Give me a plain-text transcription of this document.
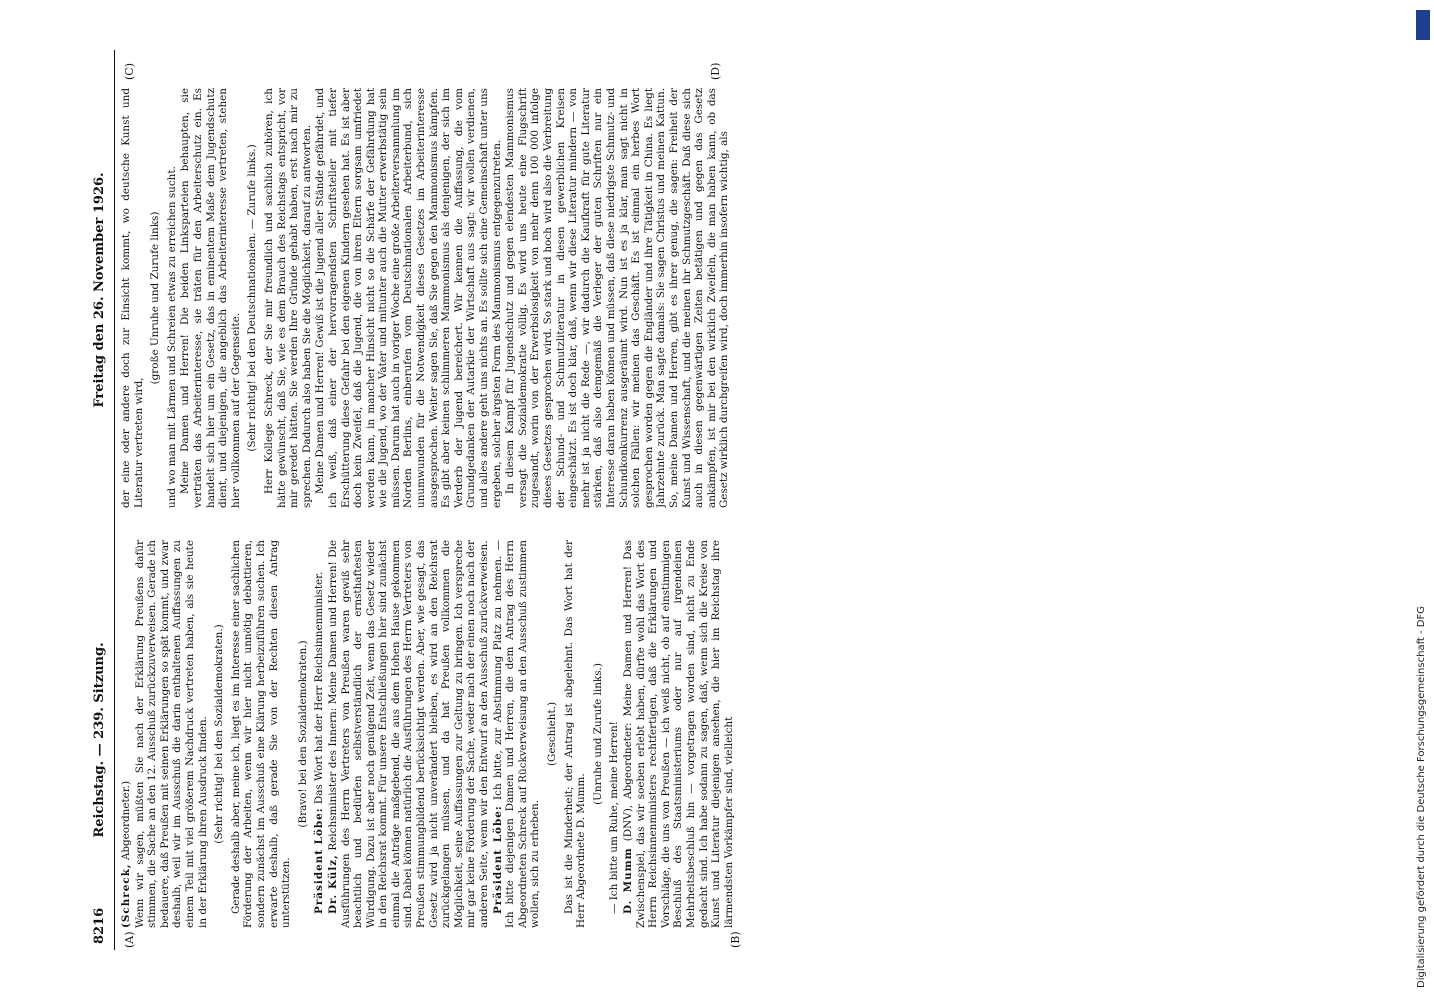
8216
Reichstag. — 239. Sitzung.
Freitag den 26. November 1926.
(A)	(B)
(C)	(D)

(Schreck, Abgeordneter.) Wenn wir sagen, müßten Sie nach der Erklärung Preußens dafür stimmen, die Sache an den 12. Ausschuß zurückzuverweisen. Gerade ich bedauere, daß Preußen mit seinen Erklärungen so spät kommt, und zwar deshalb, weil wir im Ausschuß die darin enthaltenen Auffassungen zu einem Teil mit viel größerem Nachdruck vertreten haben, als sie heute in der Erklärung ihren Ausdruck finden. (Sehr richtig! bei den Sozialdemokraten.) Gerade deshalb aber, meine ich, liegt es im Interesse einer sachlichen Förderung der Arbeiten, wenn wir hier nicht unnötig debattieren, sondern zunächst im Ausschuß eine Klärung herbeizuführen suchen. Ich erwarte deshalb, daß gerade Sie von der Rechten diesen Antrag unterstützen.

(Bravo! bei den Sozialdemokraten.)

Präsident Löbe: Das Wort hat der Herr Reichsinnenminister.

Dr. Külz, Reichsminister des Innern: Meine Damen und Herren! Die Ausführungen des Herrn Vertreters von Preußen waren gewiß sehr beachtlich und bedürfen selbstverständlich der ernsthaftesten Würdigung. Dazu ist aber noch genügend Zeit, wenn das Gesetz wieder in den Reichsrat kommt. Für unsere Entschließungen hier sind zunächst einmal die Anträge maßgebend, die aus dem Hohen Hause gekommen sind. Dabei können natürlich die Ausführungen des Herrn Vertreters von Preußen stimmungbildend berücksichtigt werden. Aber, wie gesagt, das Gesetz wird ja nicht unverändert bleiben, es wird an den Reichsrat zurückgelangen müssen, und da hat Preußen vollkommen die Möglichkeit, seine Auffassungen zur Geltung zu bringen. Ich verspreche mir gar keine Förderung der Sache, weder nach der einen noch nach der anderen Seite, wenn wir den Entwurf an den Ausschuß zurückverweisen. Präsident Löbe: Ich bitte, zur Abstimmung Platz zu nehmen. — Ich bitte diejenigen Damen und Herren, die dem Antrag des Herrn Abgeordneten Schreck auf Rückverweisung an den Ausschuß zustimmen wollen, sich zu erheben.

(Geschieht.) Das ist die Minderheit; der Antrag ist abgelehnt. Das Wort hat der Herr Abgeordnete D. Mumm.

(Unruhe und Zurufe links.) — Ich bitte um Ruhe, meine Herren! D. Mumm (DNV), Abgeordneter: Meine Damen und Herren! Das Zwischenspiel, das wir soeben erlebt haben, dürfte wohl das Wort des Herrn Reichsinnenministers rechtfertigen, daß die Erklärungen und Vorschläge, die uns von Preußen — ich weiß nicht, ob auf einstimmigen Beschluß des Staatsministeriums oder nur auf irgendeinen Mehrheitsbeschluß hin — vorgetragen worden sind, nicht zu Ende gedacht sind. Ich habe sodann zu sagen, daß, wenn sich die Kreise von Kunst und Literatur diejenigen ansehen, die hier im Reichstag ihre lärmendsten Vorkämpfer sind, vielleicht

der eine oder andere doch zur Einsicht kommt, wo deutsche Kunst und Literatur vertreten wird,

(große Unruhe und Zurufe links) und wo man mit Lärmen und Schreien etwas zu erreichen sucht. Meine Damen und Herren! Die beiden Linksparteien behaupten, sie verträten das Arbeiterinteresse, sie träten für den Arbeiterschutz ein. Es handelt sich hier um ein Gesetz, das in eminentem Maße dem Jugendschutz dient, und diejenigen, die angeblich das Arbeiterinteresse vertreten, stehen hier vollkommen auf der Gegenseite. (Sehr richtig! bei den Deutschnationalen. — Zurufe links.) Herr Kollege Schreck, der Sie mir freundlich und sachlich zuhören, ich hätte gewünscht, daß Sie, wie es dem Brauch des Reichstags entspricht, vor mir geredet hätten. Sie werden Ihre Gründe gehabt haben, erst nach mir zu sprechen. Dadurch also haben Sie die Möglichkeit, darauf zu antworten. Meine Damen und Herren! Gewiß ist die Jugend aller Stände gefährdet, und ich weiß, daß einer der hervorragendsten Schriftsteller mit tiefer Erschütterung diese Gefahr bei den eigenen Kindern gesehen hat. Es ist aber doch kein Zweifel, daß die Jugend, die von ihren Eltern sorgsam umfriedet werden kann, in mancher Hinsicht nicht so die Schärfe der Gefährdung hat wie die Jugend, wo der Vater und mitunter auch die Mutter erwerbstätig sein müssen. Darum hat auch in voriger Woche eine große Arbeiterversammlung im Norden Berlins, einberufen vom Deutschnationalen Arbeiterbund, sich unumwunden für die Notwendigkeit dieses Gesetzes im Arbeiterinteresse ausgesprochen. Weiter sagen Sie, daß Sie gegen den Mammonismus kämpfen. Es gibt aber keinen schlimmeren Mammonismus als denjenigen, der sich im Verderb der Jugend bereichert. Wir kennen die Auffassung, die vom Grundgedanken der Autarkie der Wirtschaft aus sagt: wir wollen verdienen, und alles andere geht uns nichts an. Es sollte sich eine Gemeinschaft unter uns ergeben, solcher ärgsten Form des Mammonismus entgegenzutreten. In diesem Kampf für Jugendschutz und gegen elendesten Mammonismus versagt die Sozialdemokratie völlig. Es wird uns heute eine Flugschrift zugesandt, worin von der Erwerbslosigkeit von mehr denn 100 000 infolge dieses Gesetzes gesprochen wird. So stark und hoch wird also die Verbreitung der Schund- und Schmutzliteratur in diesen gewerblichen Kreisen eingeschätzt. Es ist doch klar, daß, wenn wir diese Literatur mindern — von mehr ist ja nicht die Rede —, wir dadurch die Kaufkraft für gute Literatur stärken, daß also demgemäß die Verleger der guten Schriften nur ein Interesse daran haben können und müssen, daß diese niedrigste Schmutz- und Schundkonkurrenz ausgeräumt wird. Nun ist es ja klar, man sagt nicht in solchen Fällen: wir meinen das Geschäft. Es ist einmal ein herbes Wort gesprochen worden gegen die Engländer und ihre Tätigkeit in China. Es liegt Jahrzehnte zurück. Man sagte damals: Sie sagen Christus und meinen Kattun. So, meine Damen und Herren, gibt es ihrer genug, die sagen: Freiheit der Kunst und Wissenschaft, und die meinen ihr Schmutzgeschäft. Daß diese sich auch in diesen gegenwärtigen Zeiten betätigen und gegen das Gesetz ankämpfen, ist mir bei den wirklich Zweifeln, die man haben kann, ob das Gesetz wirklich durchgreifen wird, doch immerhin insofern wichtig, als

Digitalisierung gefördert durch die Deutsche Forschungsgemeinschaft - DFG
